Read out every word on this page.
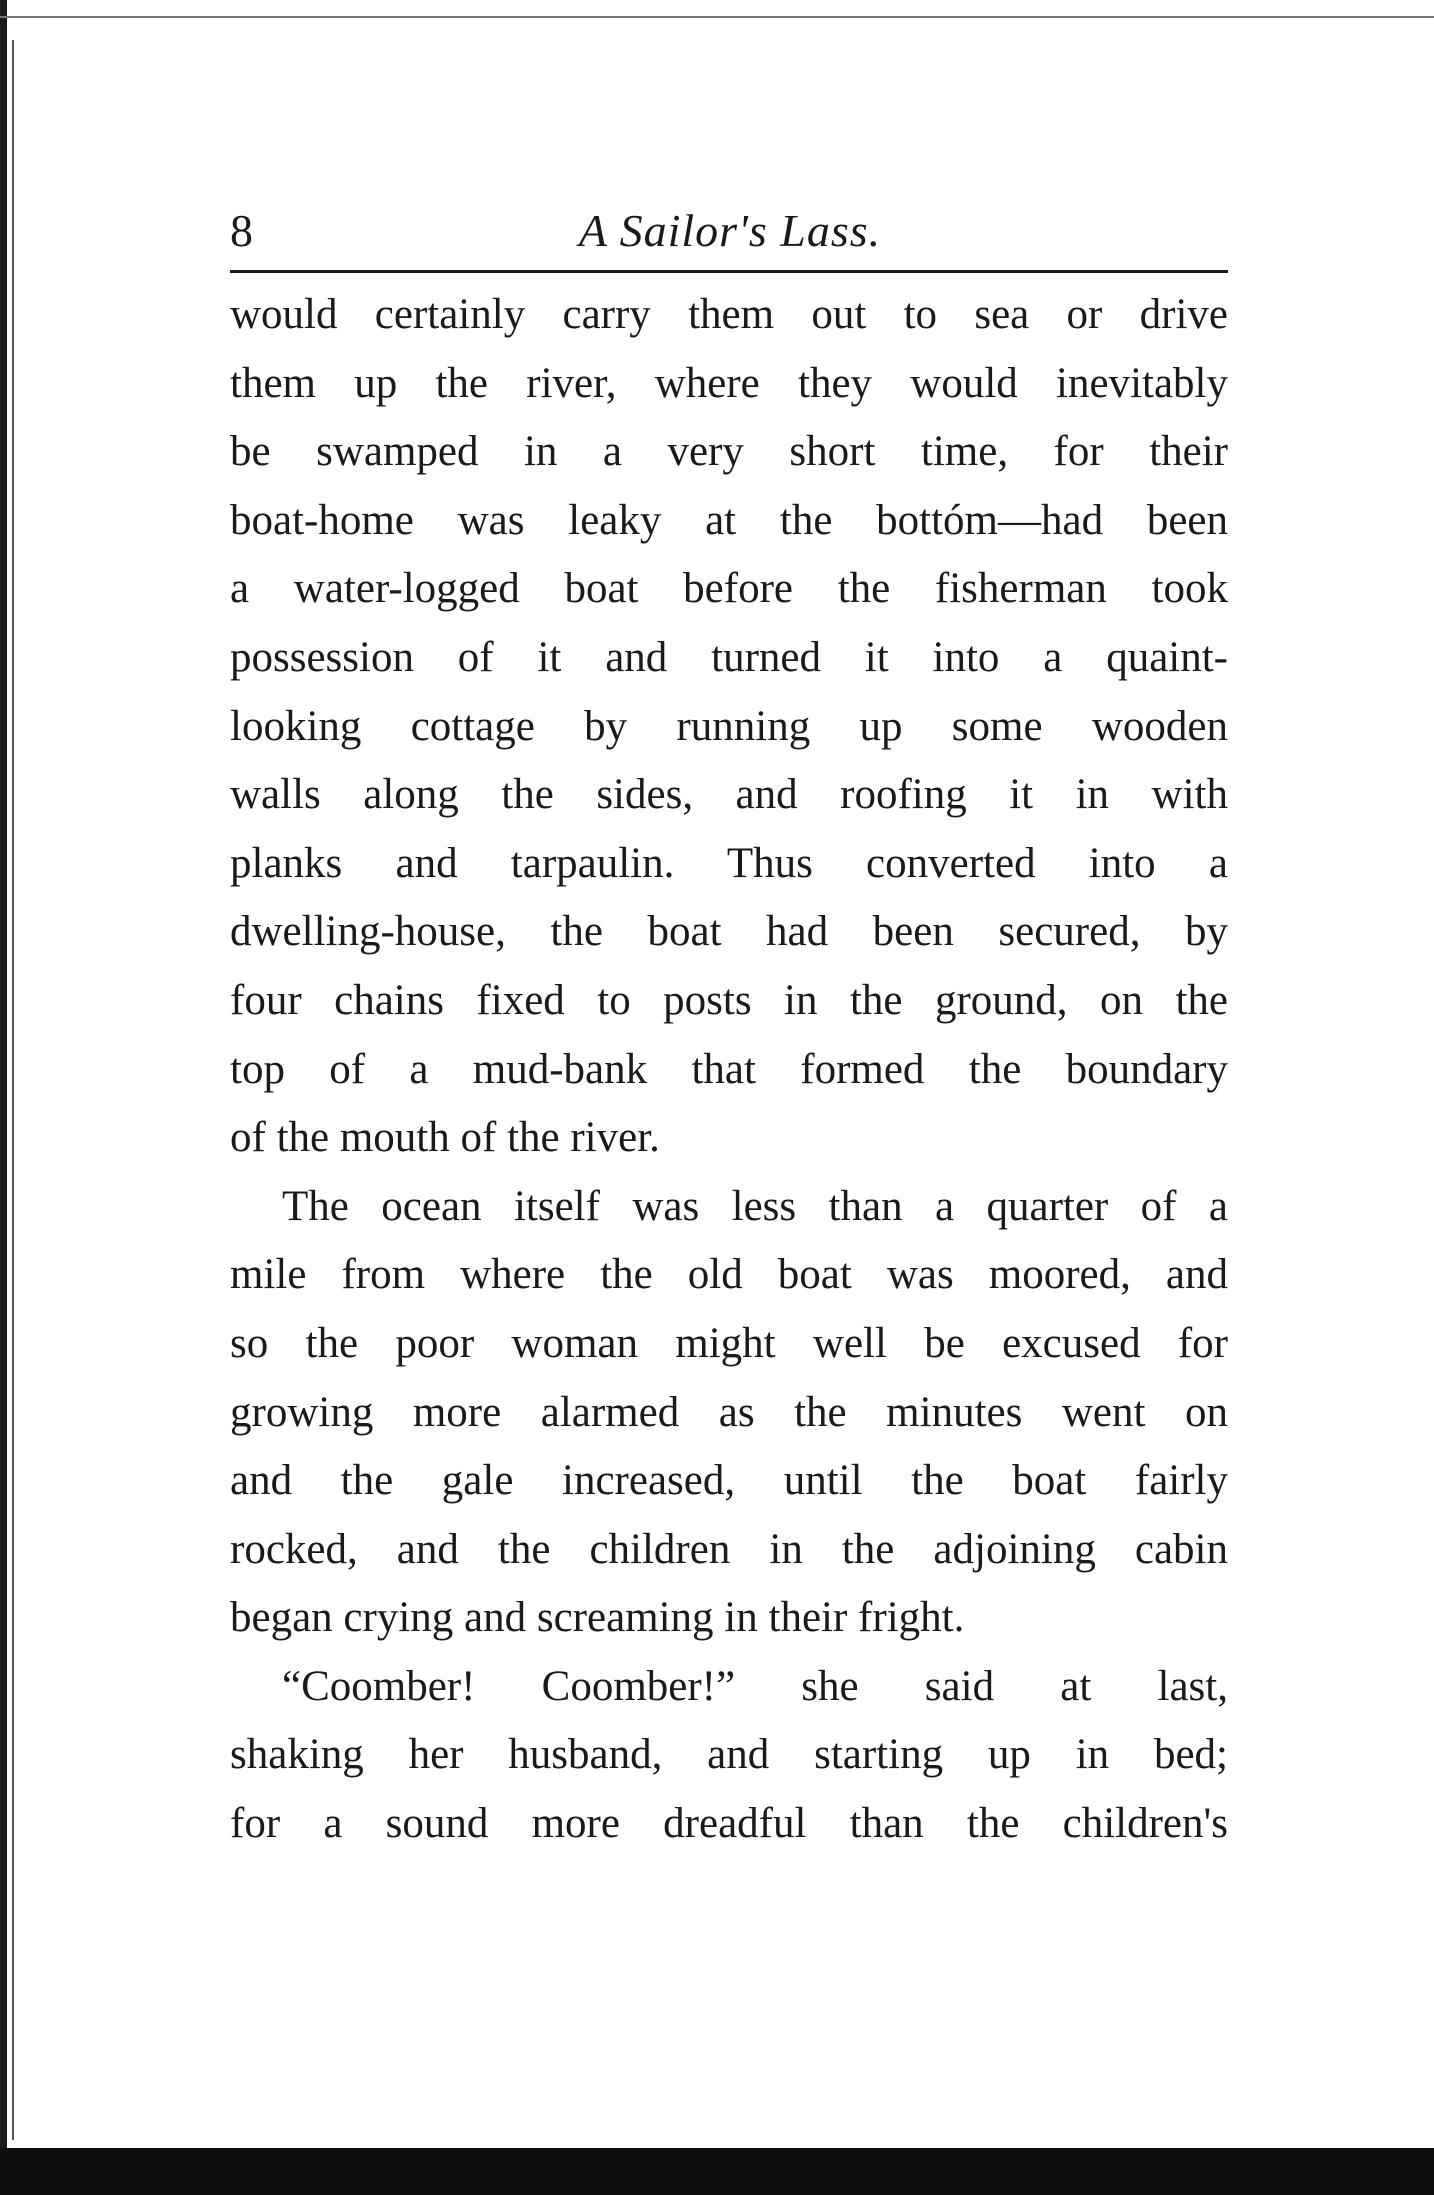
8	A Sailor's Lass.
would certainly carry them out to sea or drive
them up the river, where they would inevitably
be swamped in a very short time, for their
boat-home was leaky at the bottóm—had been
a water-logged boat before the fisherman took
possession of it and turned it into a quaint-
looking cottage by running up some wooden
walls along the sides, and roofing it in with
planks and tarpaulin. Thus converted into a
dwelling-house, the boat had been secured, by
four chains fixed to posts in the ground, on the
top of a mud-bank that formed the boundary
of the mouth of the river.
The ocean itself was less than a quarter of a
mile from where the old boat was moored, and
so the poor woman might well be excused for
growing more alarmed as the minutes went on
and the gale increased, until the boat fairly
rocked, and the children in the adjoining cabin
began crying and screaming in their fright.
“Coomber! Coomber!” she said at last,
shaking her husband, and starting up in bed;
for a sound more dreadful than the children's
